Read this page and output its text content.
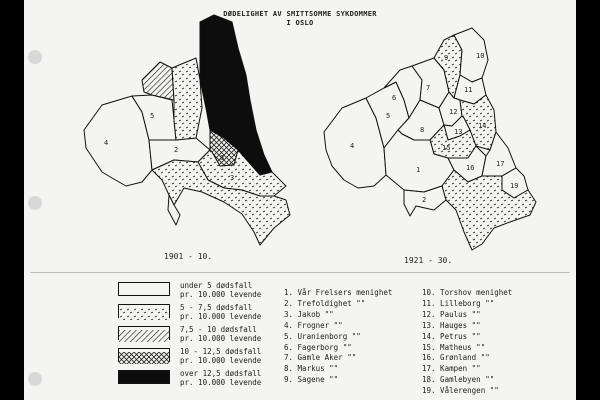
DØDELIGHET AV SMITTSOMME SYKDOMMER
I OSLO
4
5
2
8
3
1
4
5
7
8
9	10
11
12
13
14
15
16	17
19
6
2
1901 - 10.	1921 - 30.
under 5 dødsfall
pr. 10.000 levende
5 - 7,5 dødsfall
pr. 10.000 levende
7,5 - 10 dødsfall
pr. 10.000 levende
10 - 12,5 dødsfall
pr. 10.000 levende
over 12,5 dødsfall
pr. 10.000 levende
1. Vår Frelsers menighet
2. Trefoldighet ""
3. Jakob ""
4. Frogner ""
5. Uranienborg ""
6. Fagerborg ""
7. Gamle Aker ""
8. Markus ""
9. Sagene ""
10. Torshov menighet
11. Lilleborg ""
12. Paulus ""
13. Hauges ""
14. Petrus ""
15. Matheus ""
16. Grønland ""
17. Kampen ""
18. Gamlebyen ""
19. Vålerengen ""
